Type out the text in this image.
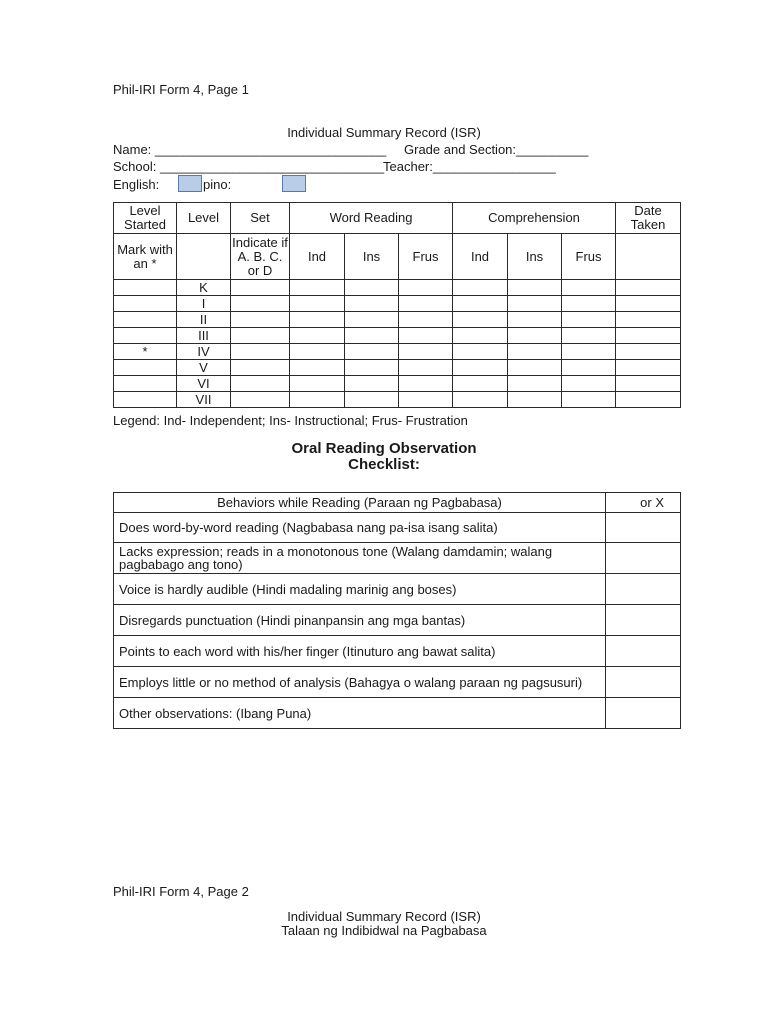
Phil-IRI Form 4, Page 1
Individual Summary Record (ISR)
Name: ________________________________ Grade and Section:__________
School: _______________________________
Teacher:_________________
English:	pino:
Level Started	Level	Set	Word Reading			Comprehension			Date Taken
Mark with an *		Indicate if A. B. C. or D	Ind	Ins	Frus	Ind	Ins	Frus	
	K								
	I								
	II								
	III								
*	IV								
	V								
	VI								
	VII								
Legend: Ind- Independent; Ins- Instructional; Frus- Frustration
Oral Reading Observation
Checklist:
Behaviors while Reading (Paraan ng Pagbabasa)	or X
Does word-by-word reading (Nagbabasa nang pa-isa isang salita)	
Lacks expression; reads in a monotonous tone (Walang damdamin; walang pagbabago ang tono)	
Voice is hardly audible (Hindi madaling marinig ang boses)	
Disregards punctuation (Hindi pinanpansin ang mga bantas)	
Points to each word with his/her finger (Itinuturo ang bawat salita)	
Employs little or no method of analysis (Bahagya o walang paraan ng pagsusuri)	
Other observations: (Ibang Puna)	
Phil-IRI Form 4, Page 2
Individual Summary Record (ISR)
Talaan ng Indibidwal na Pagbabasa
